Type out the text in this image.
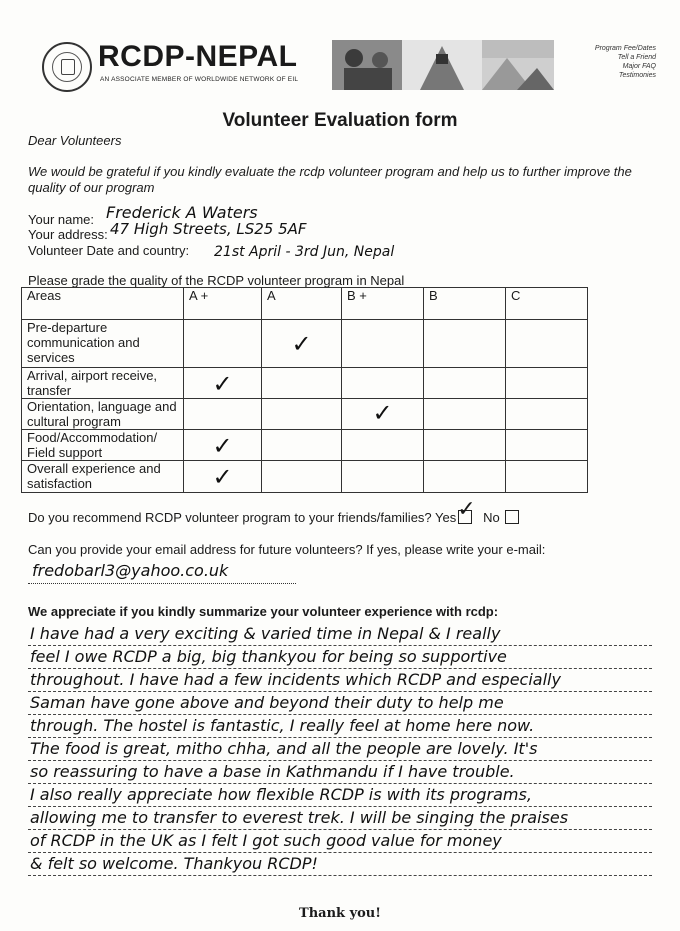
RCDP-NEPAL
AN ASSOCIATE MEMBER OF WORLDWIDE NETWORK OF EIL
Program Fee/Dates
Tell a Friend
Major FAQ
Testimonies
Volunteer Evaluation form
Dear Volunteers
We would be grateful if you kindly evaluate the rcdp volunteer program and help us to further improve the quality of our program
Your name: Frederick A Waters
Your address: 47 High Streets, LS25 5AF
Volunteer Date and country: 21st April - 3rd Jun, Nepal
Please grade the quality of the RCDP volunteer program in Nepal
Areas	A +	A	B +	B	C
Pre-departure communication and services		✓			

Arrival, airport receive, transfer	✓				

Orientation, language and cultural program			✓		

Food/Accommodation/ Field support	✓				

Overall experience and satisfaction	✓				

Do you recommend RCDP volunteer program to your friends/families? Yes ✓ No
Can you provide your email address for future volunteers? If yes, please write your e-mail:
fredobarl3@yahoo.co.uk
We appreciate if you kindly summarize your volunteer experience with rcdp:
I have had a very exciting & varied time in Nepal & I really
feel I owe RCDP a big, big thankyou for being so supportive
throughout. I have had a few incidents which RCDP and especially
Saman have gone above and beyond their duty to help me
through. The hostel is fantastic, I really feel at home here now.
The food is great, mitho chha, and all the people are lovely. It's
so reassuring to have a base in Kathmandu if I have trouble.
I also really appreciate how flexible RCDP is with its programs,
allowing me to transfer to everest trek. I will be singing the praises
of RCDP in the UK as I felt I got such good value for money
& felt so welcome. Thankyou RCDP!
Thank you!
